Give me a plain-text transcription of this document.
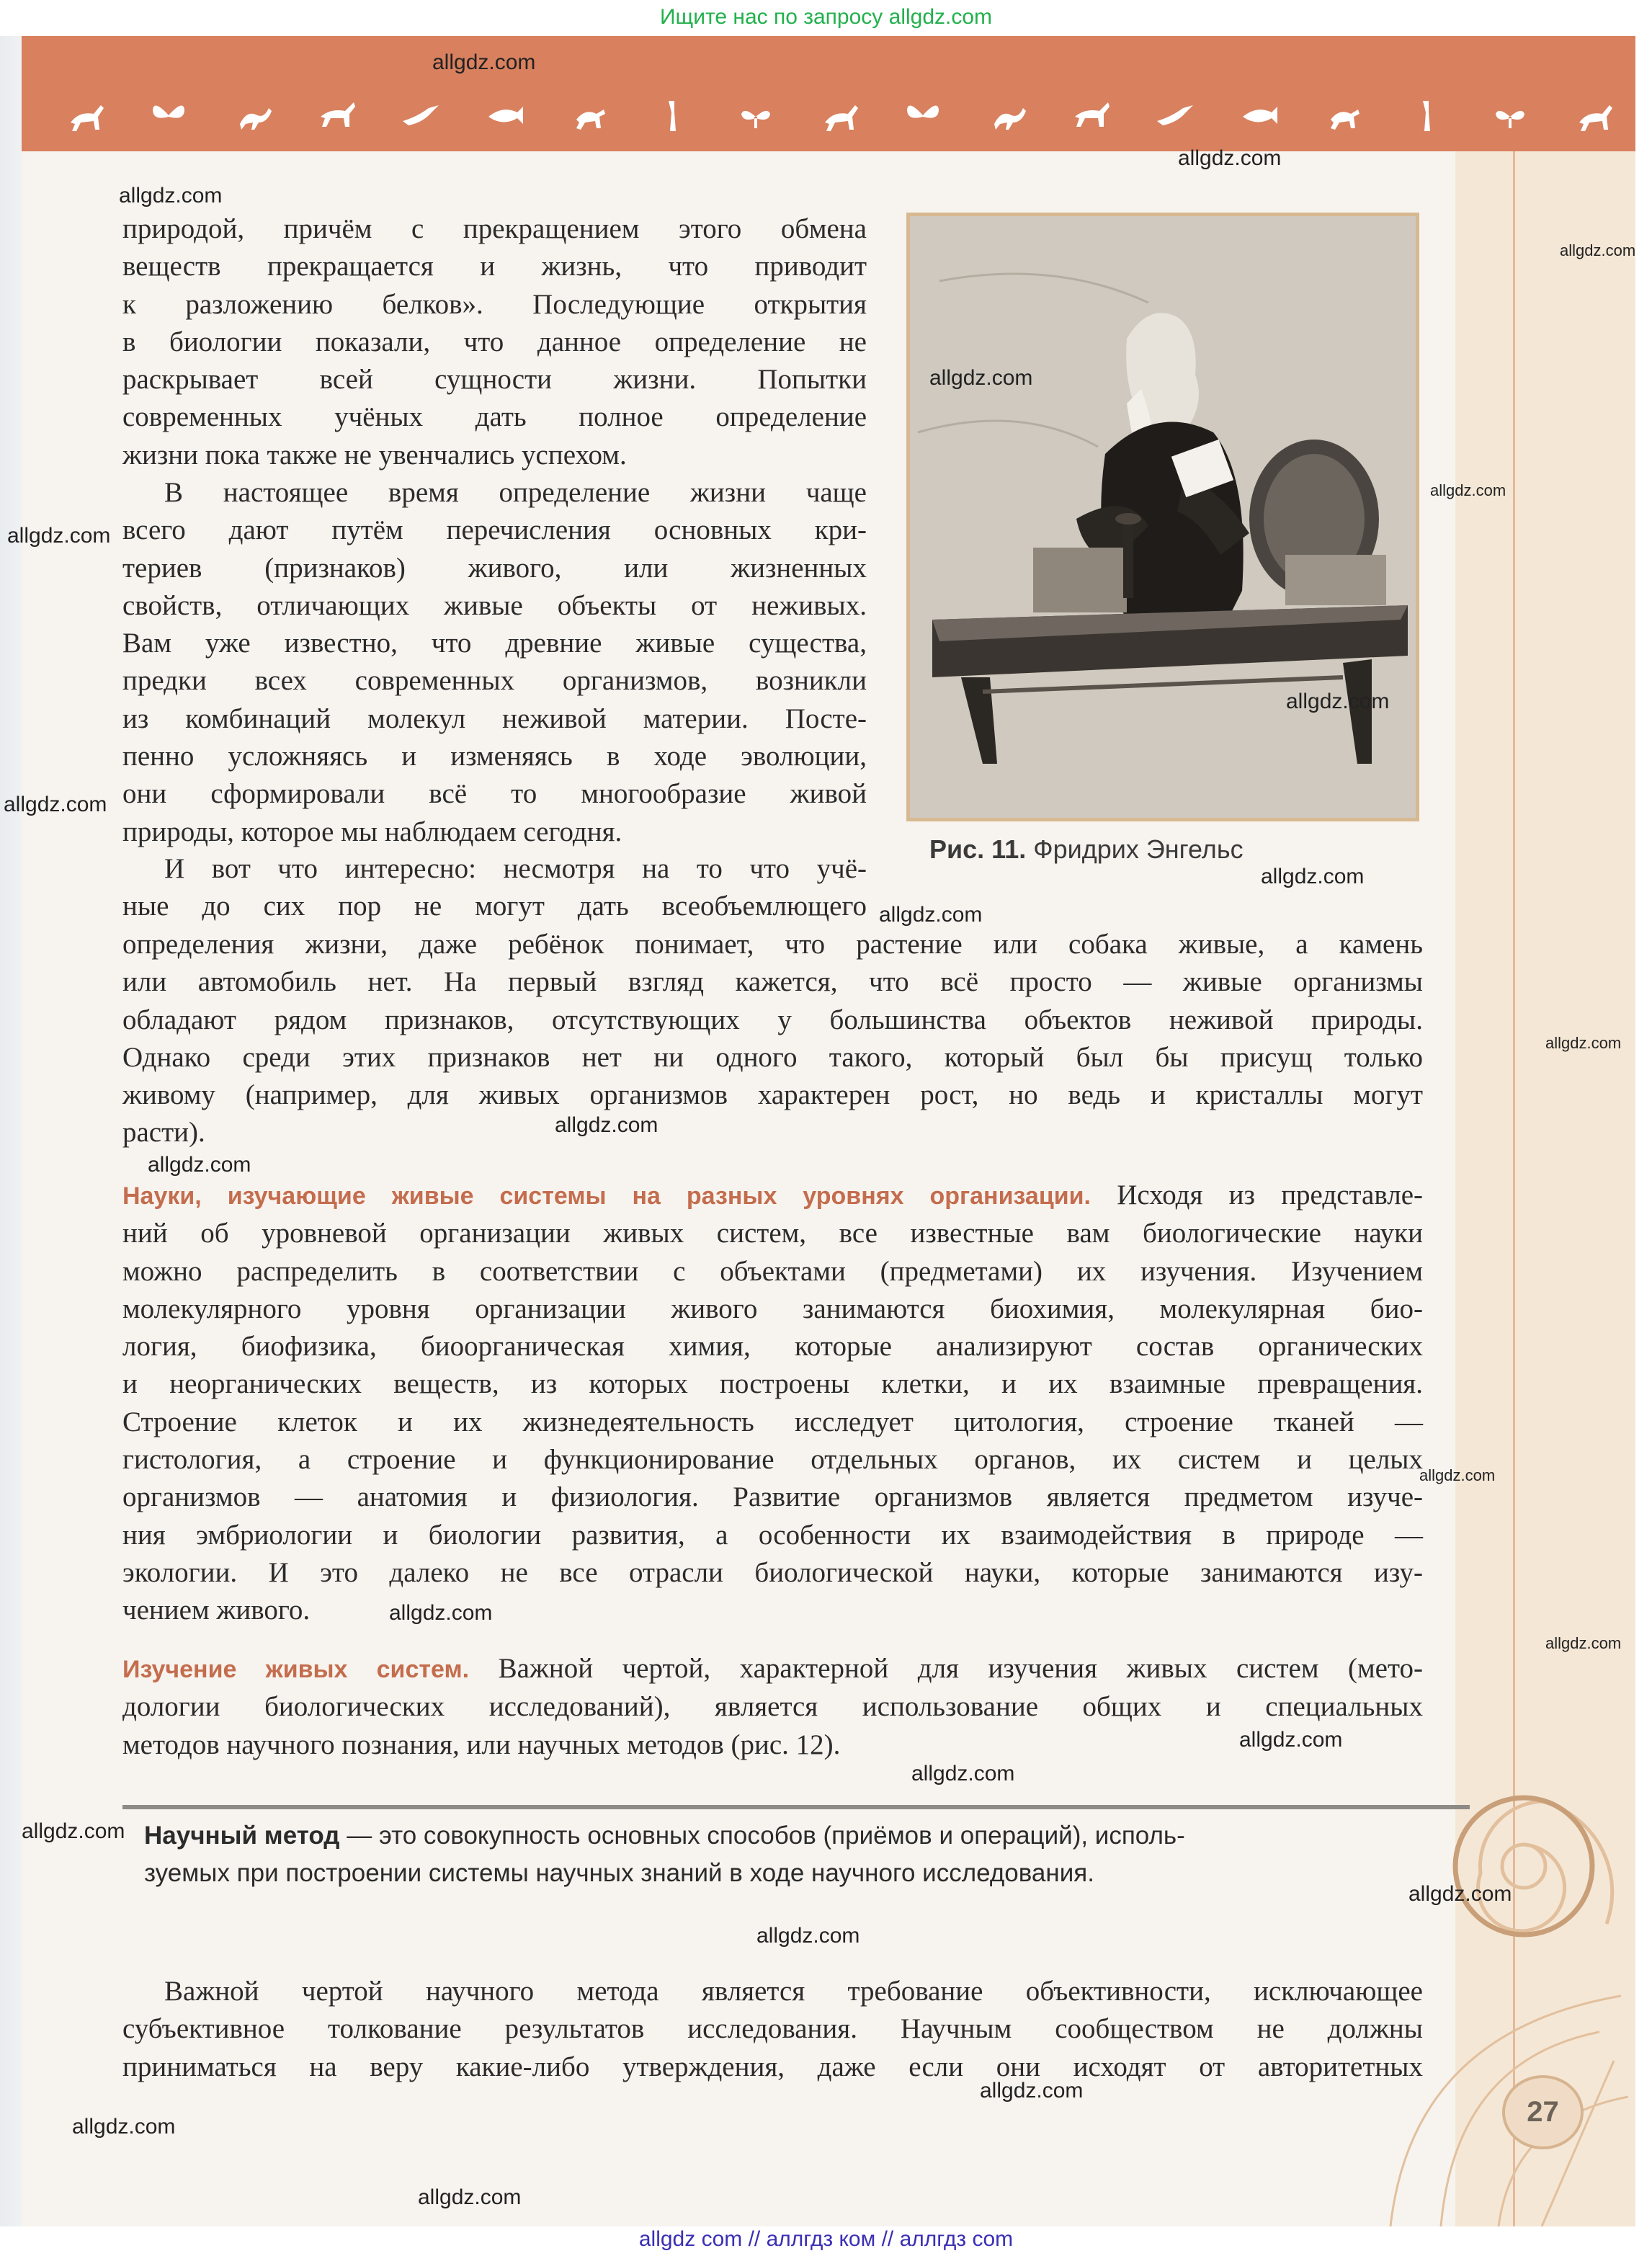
Ищите нас по запросу allgdz.com
Рис. 11. Фридрих Энгельс
природой, причём с прекращением этого обмена
веществ прекращается и жизнь, что приводит
к разложению белков». Последующие открытия
в биологии показали, что данное определение не
раскрывает всей сущности жизни. Попытки
современных учёных дать полное определение
жизни пока также не увенчались успехом.
В настоящее время определение жизни чаще
всего дают путём перечисления основных кри-
териев (признаков) живого, или жизненных
свойств, отличающих живые объекты от неживых.
Вам уже известно, что древние живые существа,
предки всех современных организмов, возникли
из комбинаций молекул неживой материи. Посте-
пенно усложняясь и изменяясь в ходе эволюции,
они сформировали всё то многообразие живой
природы, которое мы наблюдаем сегодня.
И вот что интересно: несмотря на то что учё-
ные до сих пор не могут дать всеобъемлющего
определения жизни, даже ребёнок понимает, что растение или собака живые, а камень
или автомобиль нет. На первый взгляд кажется, что всё просто — живые организмы
обладают рядом признаков, отсутствующих у большинства объектов неживой природы.
Однако среди этих признаков нет ни одного такого, который был бы присущ только
живому (например, для живых организмов характерен рост, но ведь и кристаллы могут
расти).
Науки, изучающие живые системы на разных уровнях организации. Исходя из представле-
ний об уровневой организации живых систем, все известные вам биологические науки
можно распределить в соответствии с объектами (предметами) их изучения. Изучением
молекулярного уровня организации живого занимаются биохимия, молекулярная био-
логия, биофизика, биоорганическая химия, которые анализируют состав органических
и неорганических веществ, из которых построены клетки, и их взаимные превращения.
Строение клеток и их жизнедеятельность исследует цитология, строение тканей —
гистология, а строение и функционирование отдельных органов, их систем и целых
организмов — анатомия и физиология. Развитие организмов является предметом изуче-
ния эмбриологии и биологии развития, а особенности их взаимодействия в природе —
экологии. И это далеко не все отрасли биологической науки, которые занимаются изу-
чением живого.
Изучение живых систем. Важной чертой, характерной для изучения живых систем (мето-
дологии биологических исследований), является использование общих и специальных
методов научного познания, или научных методов (рис. 12).
Научный метод — это совокупность основных способов (приёмов и операций), исполь-
зуемых при построении системы научных знаний в ходе научного исследования.
Важной чертой научного метода является требование объективности, исключающее
субъективное толкование результатов исследования. Научным сообществом не должны
приниматься на веру какие-либо утверждения, даже если они исходят от авторитетных
27
allgdz.com
allgdz.com
allgdz.com
allgdz.com
allgdz.com
allgdz.com
allgdz.com
allgdz.com
allgdz.com
allgdz.com
allgdz.com
allgdz.com
allgdz.com
allgdz.com
allgdz.com
allgdz.com
allgdz.com
allgdz.com
allgdz.com
allgdz.com
allgdz.com
allgdz.com
allgdz.com
allgdz.com
allgdz.com
allgdz com // аллгдз ком // аллгдз com
